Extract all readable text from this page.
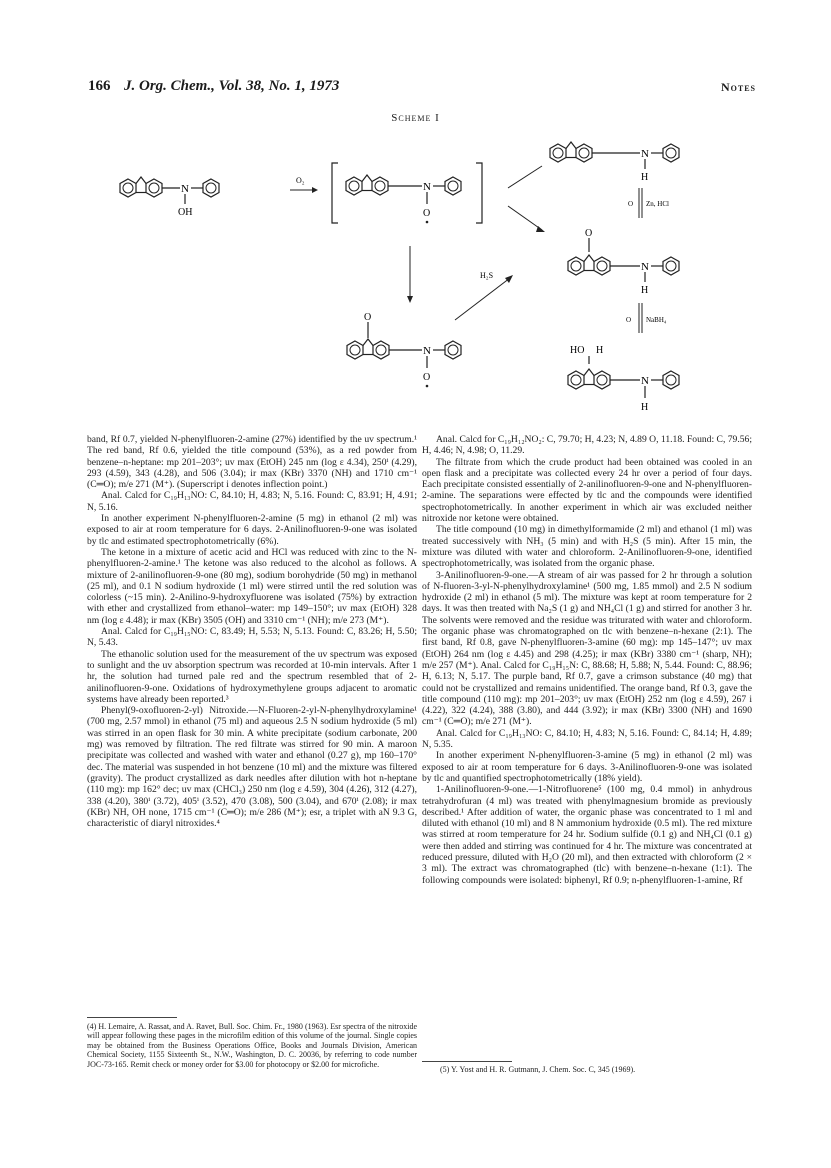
166 J. Org. Chem., Vol. 38, No. 1, 1973	Notes
Scheme I
N
OH
O₂
N
O
N
H
O Zn, HCl
O
N
H
H₂S
O NaBH₄
O
N
O
HO H
N
H

band, Rf 0.7, yielded N-phenylfluoren-2-amine (27%) identified by the uv spectrum.¹ The red band, Rf 0.6, yielded the title compound (53%), as a red powder from benzene–n-heptane: mp 201–203°; uv max (EtOH) 245 nm (log ε 4.34), 250ⁱ (4.29), 293 (4.59), 343 (4.28), and 506 (3.04); ir max (KBr) 3370 (NH) and 1710 cm⁻¹ (C═O); m/e 271 (M⁺). (Superscript i denotes inflection point.)

Anal. Calcd for C₁₉H₁₃NO: C, 84.10; H, 4.83; N, 5.16. Found: C, 83.91; H, 4.91; N, 5.16.

In another experiment N-phenylfluoren-2-amine (5 mg) in ethanol (2 ml) was exposed to air at room temperature for 6 days. 2-Anilinofluoren-9-one was isolated by tlc and estimated spectrophotometrically (6%).

The ketone in a mixture of acetic acid and HCl was reduced with zinc to the N-phenylfluoren-2-amine.¹ The ketone was also reduced to the alcohol as follows. A mixture of 2-anilinofluoren-9-one (80 mg), sodium borohydride (50 mg) in methanol (25 ml), and 0.1 N sodium hydroxide (1 ml) were stirred until the red solution was colorless (~15 min). 2-Anilino-9-hydroxyfluorene was isolated (75%) by extraction with ether and crystallized from ethanol–water: mp 149–150°; uv max (EtOH) 328 nm (log ε 4.48); ir max (KBr) 3505 (OH) and 3310 cm⁻¹ (NH); m/e 273 (M⁺).

Anal. Calcd for C₁₉H₁₅NO: C, 83.49; H, 5.53; N, 5.13. Found: C, 83.26; H, 5.50; N, 5.43.

The ethanolic solution used for the measurement of the uv spectrum was exposed to sunlight and the uv absorption spectrum was recorded at 10-min intervals. After 1 hr, the solution had turned pale red and the spectrum resembled that of 2-anilinofluoren-9-one. Oxidations of hydroxymethylene groups adjacent to aromatic systems have already been reported.³

Phenyl(9-oxofluoren-2-yl) Nitroxide.—N-Fluoren-2-yl-N-phenylhydroxylamine¹ (700 mg, 2.57 mmol) in ethanol (75 ml) and aqueous 2.5 N sodium hydroxide (5 ml) was stirred in an open flask for 30 min. A white precipitate (sodium carbonate, 200 mg) was removed by filtration. The red filtrate was stirred for 90 min. A maroon precipitate was collected and washed with water and ethanol (0.27 g), mp 160–170° dec. The material was suspended in hot benzene (10 ml) and the mixture was filtered (gravity). The product crystallized as dark needles after dilution with hot n-heptane (110 mg): mp 162° dec; uv max (CHCl₃) 250 nm (log ε 4.59), 304 (4.26), 312 (4.27), 338 (4.20), 380ⁱ (3.72), 405ⁱ (3.52), 470 (3.08), 500 (3.04), and 670ⁱ (2.08); ir max (KBr) NH, OH none, 1715 cm⁻¹ (C═O); m/e 286 (M⁺); esr, a triplet with aN 9.3 G, characteristic of diaryl nitroxides.⁴

(4) H. Lemaire, A. Rassat, and A. Ravet, Bull. Soc. Chim. Fr., 1980 (1963). Esr spectra of the nitroxide will appear following these pages in the microfilm edition of this volume of the journal. Single copies may be obtained from the Business Operations Office, Books and Journals Division, American Chemical Society, 1155 Sixteenth St., N.W., Washington, D. C. 20036, by referring to code number JOC-73-165. Remit check or money order for $3.00 for photocopy or $2.00 for microfiche.

Anal. Calcd for C₁₉H₁₂NO₂: C, 79.70; H, 4.23; N, 4.89 O, 11.18. Found: C, 79.56; H, 4.46; N, 4.98; O, 11.29.

The filtrate from which the crude product had been obtained was cooled in an open flask and a precipitate was collected every 24 hr over a period of four days. Each precipitate consisted essentially of 2-anilinofluoren-9-one and N-phenylfluoren-2-amine. The separations were effected by tlc and the compounds were identified spectrophotometrically. In another experiment in which air was excluded neither nitroxide nor ketone were obtained.

The title compound (10 mg) in dimethylformamide (2 ml) and ethanol (1 ml) was treated successively with NH₃ (5 min) and with H₂S (5 min). After 15 min, the mixture was diluted with water and chloroform. 2-Anilinofluoren-9-one, identified spectrophotometrically, was isolated from the organic phase.

3-Anilinofluoren-9-one.—A stream of air was passed for 2 hr through a solution of N-fluoren-3-yl-N-phenylhydroxylamine¹ (500 mg, 1.85 mmol) and 2.5 N sodium hydroxide (2 ml) in ethanol (5 ml). The mixture was kept at room temperature for 2 days. It was then treated with Na₂S (1 g) and NH₄Cl (1 g) and stirred for another 3 hr. The solvents were removed and the residue was triturated with water and chloroform. The organic phase was chromatographed on tlc with benzene–n-hexane (2:1). The first band, Rf 0.8, gave N-phenylfluoren-3-amine (60 mg): mp 145–147°; uv max (EtOH) 264 nm (log ε 4.45) and 298 (4.25); ir max (KBr) 3380 cm⁻¹ (sharp, NH); m/e 257 (M⁺). Anal. Calcd for C₁₉H₁₅N: C, 88.68; H, 5.88; N, 5.44. Found: C, 88.96; H, 6.13; N, 5.17. The purple band, Rf 0.7, gave a crimson substance (40 mg) that could not be crystallized and remains unidentified. The orange band, Rf 0.3, gave the title compound (110 mg): mp 201–203°; uv max (EtOH) 252 nm (log ε 4.59), 267 i (4.22), 322 (4.24), 388 (3.80), and 444 (3.92); ir max (KBr) 3300 (NH) and 1690 cm⁻¹ (C═O); m/e 271 (M⁺).

Anal. Calcd for C₁₉H₁₃NO: C, 84.10; H, 4.83; N, 5.16. Found: C, 84.14; H, 4.89; N, 5.35.

In another experiment N-phenylfluoren-3-amine (5 mg) in ethanol (2 ml) was exposed to air at room temperature for 6 days. 3-Anilinofluoren-9-one was isolated by tlc and quantified spectrophotometrically (18% yield).

1-Anilinofluoren-9-one.—1-Nitrofluorene⁵ (100 mg, 0.4 mmol) in anhydrous tetrahydrofuran (4 ml) was treated with phenylmagnesium bromide as previously described.¹ After addition of water, the organic phase was concentrated to 1 ml and diluted with ethanol (10 ml) and 8 N ammonium hydroxide (0.5 ml). The red mixture was stirred at room temperature for 24 hr. Sodium sulfide (0.1 g) and NH₄Cl (0.1 g) were then added and stirring was continued for 4 hr. The mixture was concentrated at reduced pressure, diluted with H₂O (20 ml), and then extracted with chloroform (2 × 3 ml). The extract was chromatographed (tlc) with benzene–n-hexane (1:1). The following compounds were isolated: biphenyl, Rf 0.9; n-phenylfluoren-1-amine, Rf

(5) Y. Yost and H. R. Gutmann, J. Chem. Soc. C, 345 (1969).
